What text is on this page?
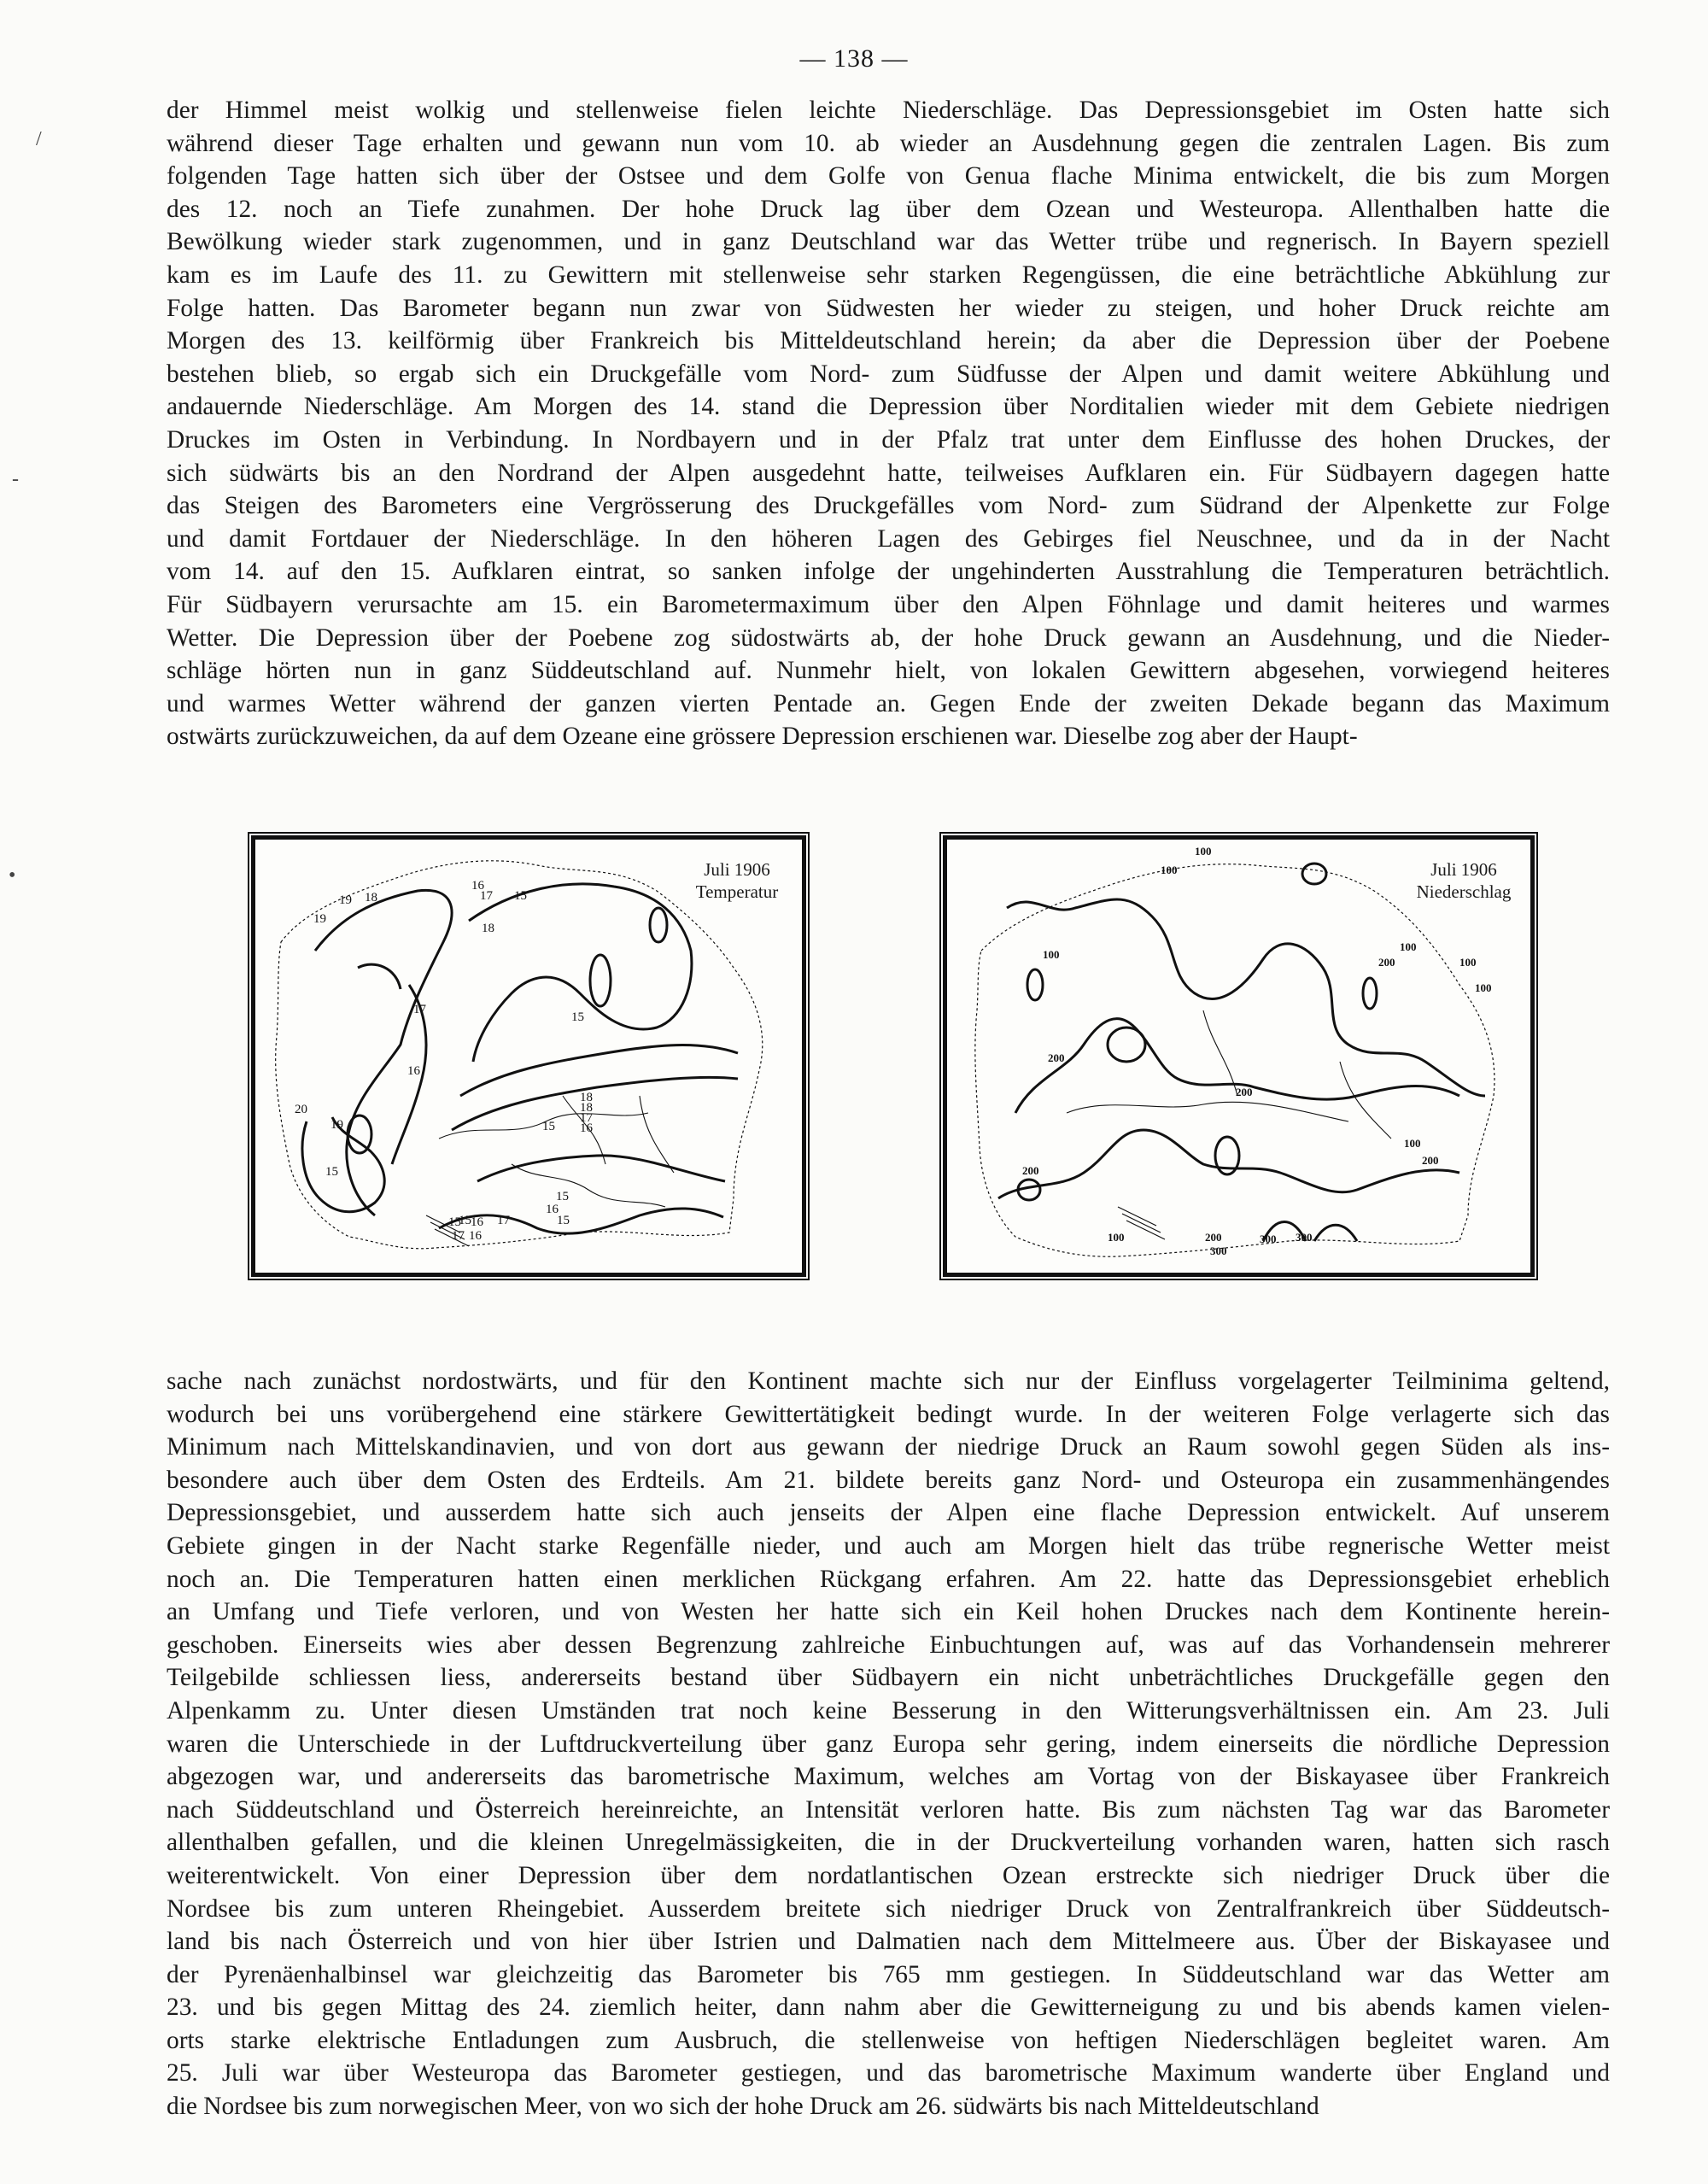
— 138 —
/
-
•
der Himmel meist wolkig und stellenweise fielen leichte Niederschläge. Das Depressionsgebiet im Osten hatte sich
während dieser Tage erhalten und gewann nun vom 10. ab wieder an Ausdehnung gegen die zentralen Lagen. Bis zum
folgenden Tage hatten sich über der Ostsee und dem Golfe von Genua flache Minima entwickelt, die bis zum Morgen
des 12. noch an Tiefe zunahmen. Der hohe Druck lag über dem Ozean und Westeuropa. Allenthalben hatte die
Bewölkung wieder stark zugenommen, und in ganz Deutschland war das Wetter trübe und regnerisch. In Bayern speziell
kam es im Laufe des 11. zu Gewittern mit stellenweise sehr starken Regengüssen, die eine beträchtliche Abkühlung zur
Folge hatten. Das Barometer begann nun zwar von Südwesten her wieder zu steigen, und hoher Druck reichte am
Morgen des 13. keilförmig über Frankreich bis Mitteldeutschland herein; da aber die Depression über der Poebene
bestehen blieb, so ergab sich ein Druckgefälle vom Nord- zum Südfusse der Alpen und damit weitere Abkühlung und
andauernde Niederschläge. Am Morgen des 14. stand die Depression über Norditalien wieder mit dem Gebiete niedrigen
Druckes im Osten in Verbindung. In Nordbayern und in der Pfalz trat unter dem Einflusse des hohen Druckes, der
sich südwärts bis an den Nordrand der Alpen ausgedehnt hatte, teilweises Aufklaren ein. Für Südbayern dagegen hatte
das Steigen des Barometers eine Vergrösserung des Druckgefälles vom Nord- zum Südrand der Alpenkette zur Folge
und damit Fortdauer der Niederschläge. In den höheren Lagen des Gebirges fiel Neuschnee, und da in der Nacht
vom 14. auf den 15. Aufklaren eintrat, so sanken infolge der ungehinderten Ausstrahlung die Temperaturen beträchtlich.
Für Südbayern verursachte am 15. ein Barometermaximum über den Alpen Föhnlage und damit heiteres und warmes
Wetter. Die Depression über der Poebene zog südostwärts ab, der hohe Druck gewann an Ausdehnung, und die Nieder-
schläge hörten nun in ganz Süddeutschland auf. Nunmehr hielt, von lokalen Gewittern abgesehen, vorwiegend heiteres
und warmes Wetter während der ganzen vierten Pentade an. Gegen Ende der zweiten Dekade begann das Maximum
ostwärts zurückzuweichen, da auf dem Ozeane eine grössere Depression erschienen war. Dieselbe zog aber der Haupt-
19 18
19
16
17 15
18
17
16
15
20
19
15
15 16 17
18
18
17
16
15
15
16
15
15
17 16
Juli 1906
Temperatur
100
100
100
200	100
100
100
200
200
200
100
200
100	200
300
300 300
Juli 1906
Niederschlag
sache nach zunächst nordostwärts, und für den Kontinent machte sich nur der Einfluss vorgelagerter Teilminima geltend,
wodurch bei uns vorübergehend eine stärkere Gewittertätigkeit bedingt wurde. In der weiteren Folge verlagerte sich das
Minimum nach Mittelskandinavien, und von dort aus gewann der niedrige Druck an Raum sowohl gegen Süden als ins-
besondere auch über dem Osten des Erdteils. Am 21. bildete bereits ganz Nord- und Osteuropa ein zusammenhängendes
Depressionsgebiet, und ausserdem hatte sich auch jenseits der Alpen eine flache Depression entwickelt. Auf unserem
Gebiete gingen in der Nacht starke Regenfälle nieder, und auch am Morgen hielt das trübe regnerische Wetter meist
noch an. Die Temperaturen hatten einen merklichen Rückgang erfahren. Am 22. hatte das Depressionsgebiet erheblich
an Umfang und Tiefe verloren, und von Westen her hatte sich ein Keil hohen Druckes nach dem Kontinente herein-
geschoben. Einerseits wies aber dessen Begrenzung zahlreiche Einbuchtungen auf, was auf das Vorhandensein mehrerer
Teilgebilde schliessen liess, andererseits bestand über Südbayern ein nicht unbeträchtliches Druckgefälle gegen den
Alpenkamm zu. Unter diesen Umständen trat noch keine Besserung in den Witterungsverhältnissen ein. Am 23. Juli
waren die Unterschiede in der Luftdruckverteilung über ganz Europa sehr gering, indem einerseits die nördliche Depression
abgezogen war, und andererseits das barometrische Maximum, welches am Vortag von der Biskayasee über Frankreich
nach Süddeutschland und Österreich hereinreichte, an Intensität verloren hatte. Bis zum nächsten Tag war das Barometer
allenthalben gefallen, und die kleinen Unregelmässigkeiten, die in der Druckverteilung vorhanden waren, hatten sich rasch
weiterentwickelt. Von einer Depression über dem nordatlantischen Ozean erstreckte sich niedriger Druck über die
Nordsee bis zum unteren Rheingebiet. Ausserdem breitete sich niedriger Druck von Zentralfrankreich über Süddeutsch-
land bis nach Österreich und von hier über Istrien und Dalmatien nach dem Mittelmeere aus. Über der Biskayasee und
der Pyrenäenhalbinsel war gleichzeitig das Barometer bis 765 mm gestiegen. In Süddeutschland war das Wetter am
23. und bis gegen Mittag des 24. ziemlich heiter, dann nahm aber die Gewitterneigung zu und bis abends kamen vielen-
orts starke elektrische Entladungen zum Ausbruch, die stellenweise von heftigen Niederschlägen begleitet waren. Am
25. Juli war über Westeuropa das Barometer gestiegen, und das barometrische Maximum wanderte über England und
die Nordsee bis zum norwegischen Meer, von wo sich der hohe Druck am 26. südwärts bis nach Mitteldeutschland
